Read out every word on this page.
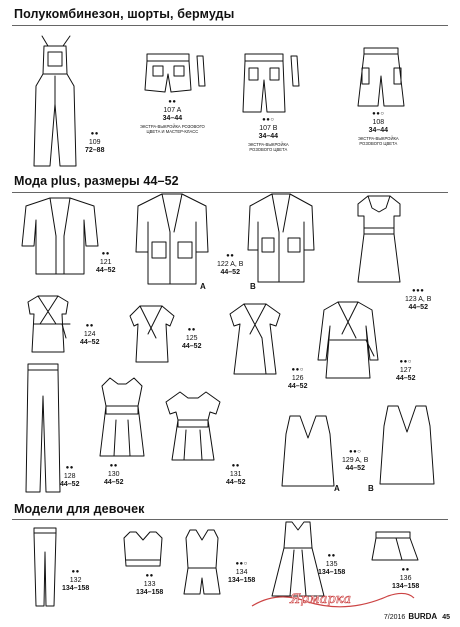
Полукомбинезон, шорты, бермуды
Мода plus, размеры 44–52
Модели для девочек
●●
109
72–88
●●
107 A
34–44
ЭКСТРА-ВЫКРОЙКА РОЗОВОГО
ЦВЕТА И МАСТЕР-КЛАСС
●●○
107 B
34–44
ЭКСТРА-ВЫКРОЙКА
РОЗОВОГО ЦВЕТА
●●○
108
34–44
ЭКСТРА-ВЫКРОЙКА
РОЗОВОГО ЦВЕТА
●●
121
44–52
A
●●
122 A, B
44–52
B	●●●
123 A, B
44–52
●●
124
44–52
●●
125
44–52
●●○
126
44–52
●●○
127
44–52
●●
128
44–52
●●
130
44–52
●●
131
44–52
A
●●○
129 A, B
44–52
B
●●
132
134–158
●●
133
134–158
●●○
134
134–158
●●
135
134–158	●●
136
134–158
Ярмарка
7/2016 BURDA 45
